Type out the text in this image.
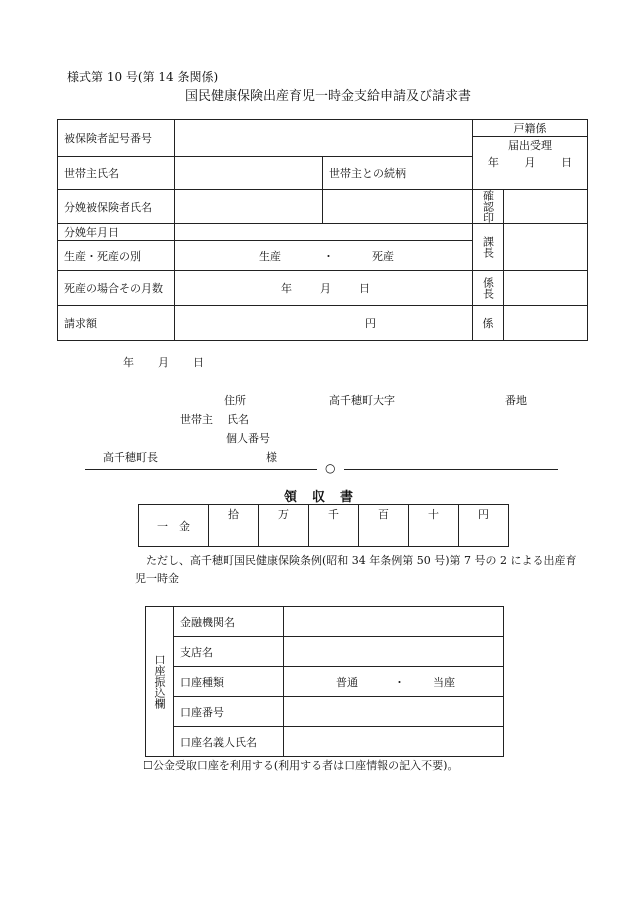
様式第 10 号(第 14 条関係)
国民健康保険出産育児一時金支給申請及び請求書
被保険者記号番号			戸籍係	

			届出受理
年 月 日	

世帯主氏名		世帯主との続柄		
分娩被保険者氏名			確認印	

分娩年月日			課長	

生産・死産の別	生産 ・ 死産			

死産の場合その月数	年 月 日		係長	

請求額	円		係	
年 月 日
住所	高千穂町大字	番地
世帯主 氏名
個人番号
高千穂町長	様
○
領　収　書
一　金	拾	万	千	百	十	円
ただし、高千穂町国民健康保険条例(昭和 34 年条例第 50 号)第 7 号の 2 による出産育
児一時金
口座振込欄	金融機関名	
	支店名	
	口座種類	普通 ・ 当座

	口座番号	
	口座名義人氏名	
☐公金受取口座を利用する(利用する者は口座情報の記入不要)。
